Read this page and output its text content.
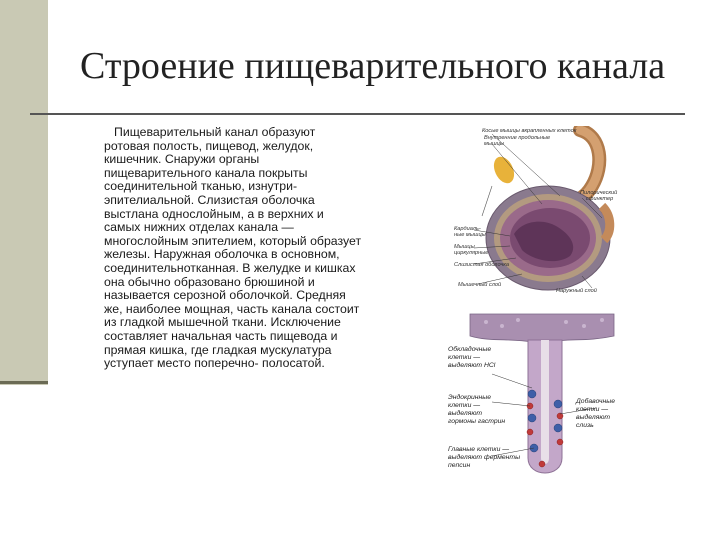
Строение пищеварительного канала
Пищеварительный канал образуют ротовая полость, пищевод, желудок, кишечник. Снаружи органы пищеварительного канала покрыты соединительной тканью, изнутри-эпителиальной. Слизистая оболочка выстлана однослойным, а в верхних и самых нижних отделах канала — многослойным эпителием, который образует железы. Наружная оболочка в основном, соединительнотканная. В желудке и кишках она обычно образовано брюшиной и называется серозной оболочкой. Средняя же, наиболее мощная, часть канала состоит из гладкой мышечной ткани. Исключение составляет начальная часть пищевода и прямая кишка, где гладкая мускулатура уступает место поперечно- полосатой.
Косые мышцы вкрапленных клеток
Внутренние продольные
мышцы
Пилорический
сфинктер
Кардиаль-
ные мышцы
Мышцы
циркулярные
Слизистая оболочка
Мышечный слой
Наружный слой
Обкладочные
клетки —
выделяют HCl
Эндокринные
клетки —
выделяют
гормоны гастрин
Главные клетки —
выделяют ферменты
пепсин
Добавочные
клетки —
выделяют
слизь
